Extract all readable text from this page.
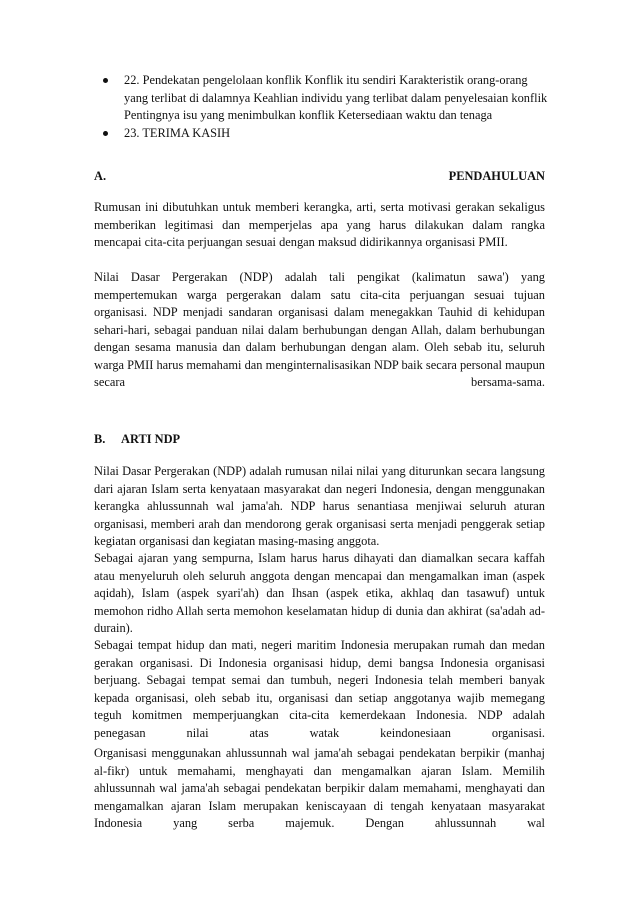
22. Pendekatan pengelolaan konflik Konflik itu sendiri Karakteristik orang-orang yang terlibat di dalamnya Keahlian individu yang terlibat dalam penyelesaian konflik Pentingnya isu yang menimbulkan konflik Ketersediaan waktu dan tenaga
23. TERIMA KASIH
A.	PENDAHULUAN

Rumusan ini dibutuhkan untuk memberi kerangka, arti, serta motivasi gerakan sekaligus memberikan legitimasi dan memperjelas apa yang harus dilakukan dalam rangka mencapai cita-cita perjuangan sesuai dengan maksud didirikannya organisasi PMII.

Nilai Dasar Pergerakan (NDP) adalah tali pengikat (kalimatun sawa') yang mempertemukan warga pergerakan dalam satu cita-cita perjuangan sesuai tujuan organisasi. NDP menjadi sandaran organisasi dalam menegakkan Tauhid di kehidupan sehari-hari, sebagai panduan nilai dalam berhubungan dengan Allah, dalam berhubungan dengan sesama manusia dan dalam berhubungan dengan alam. Oleh sebab itu, seluruh warga PMII harus memahami dan menginternalisasikan NDP baik secara personal maupun secara bersama-sama.

B. ARTI NDP

Nilai Dasar Pergerakan (NDP) adalah rumusan nilai nilai yang diturunkan secara langsung dari ajaran Islam serta kenyataan masyarakat dan negeri Indonesia, dengan menggunakan kerangka ahlussunnah wal jama'ah. NDP harus senantiasa menjiwai seluruh aturan organisasi, memberi arah dan mendorong gerak organisasi serta menjadi penggerak setiap kegiatan organisasi dan kegiatan masing-masing anggota.

Sebagai ajaran yang sempurna, Islam harus harus dihayati dan diamalkan secara kaffah atau menyeluruh oleh seluruh anggota dengan mencapai dan mengamalkan iman (aspek aqidah), Islam (aspek syari'ah) dan Ihsan (aspek etika, akhlaq dan tasawuf) untuk memohon ridho Allah serta memohon keselamatan hidup di dunia dan akhirat (sa'adah ad-durain).

Sebagai tempat hidup dan mati, negeri maritim Indonesia merupakan rumah dan medan gerakan organisasi. Di Indonesia organisasi hidup, demi bangsa Indonesia organisasi berjuang. Sebagai tempat semai dan tumbuh, negeri Indonesia telah memberi banyak kepada organisasi, oleh sebab itu, organisasi dan setiap anggotanya wajib memegang teguh komitmen memperjuangkan cita-cita kemerdekaan Indonesia. NDP adalah penegasan nilai atas watak keindonesiaan organisasi.

Organisasi menggunakan ahlussunnah wal jama'ah sebagai pendekatan berpikir (manhaj al-fikr) untuk memahami, menghayati dan mengamalkan ajaran Islam. Memilih ahlussunnah wal jama'ah sebagai pendekatan berpikir dalam memahami, menghayati dan mengamalkan ajaran Islam merupakan keniscayaan di tengah kenyataan masyarakat Indonesia yang serba majemuk. Dengan ahlussunnah wal
